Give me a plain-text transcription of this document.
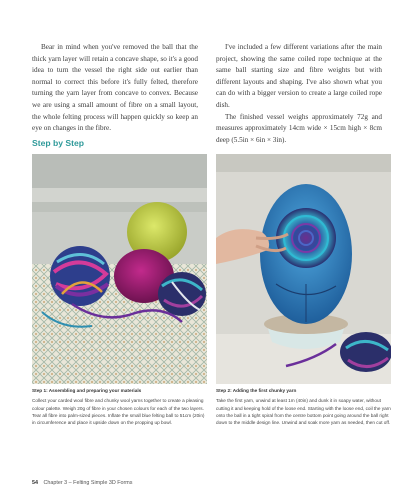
Bear in mind when you've removed the ball that the thick yarn layer will retain a concave shape, so it's a good idea to turn the vessel the right side out earlier than normal to correct this before it's fully felted, therefore turning the yarn layer from concave to convex. Because we are using a small amount of fibre on a small layout, the whole felting process will happen quickly so keep an eye on changes in the fibre.

I've included a few different variations after the main project, showing the same coiled rope technique at the same ball starting size and fibre weights but with different layouts and shaping. I've also shown what you can do with a bigger version to create a large coiled rope dish.

The finished vessel weighs approximately 72g and measures approximately 14cm wide × 15cm high × 8cm deep (5.5in × 6in × 3in).

Step by Step
Step 1: Assembling and preparing your materials
Collect your carded wool fibre and chunky wool yarns together to create a pleasing colour palette. Weigh 20g of fibre in your chosen colours for each of the two layers. Tear all fibre into palm-sized pieces. Inflate the small blue felting ball to 51cm (20in) in circumference and place it upside down on the propping up bowl.
Step 2: Adding the first chunky yarn
Take the first yarn, unwind at least 1m (40in) and dunk it in soapy water, without cutting it and keeping hold of the loose end. Starting with the loose end, coil the yarn onto the ball in a tight spiral from the centre bottom point going around the ball right down to the middle design line. Unwind and soak more yarn as needed, then cut off.
54 Chapter 3 – Felting Simple 3D Forms
